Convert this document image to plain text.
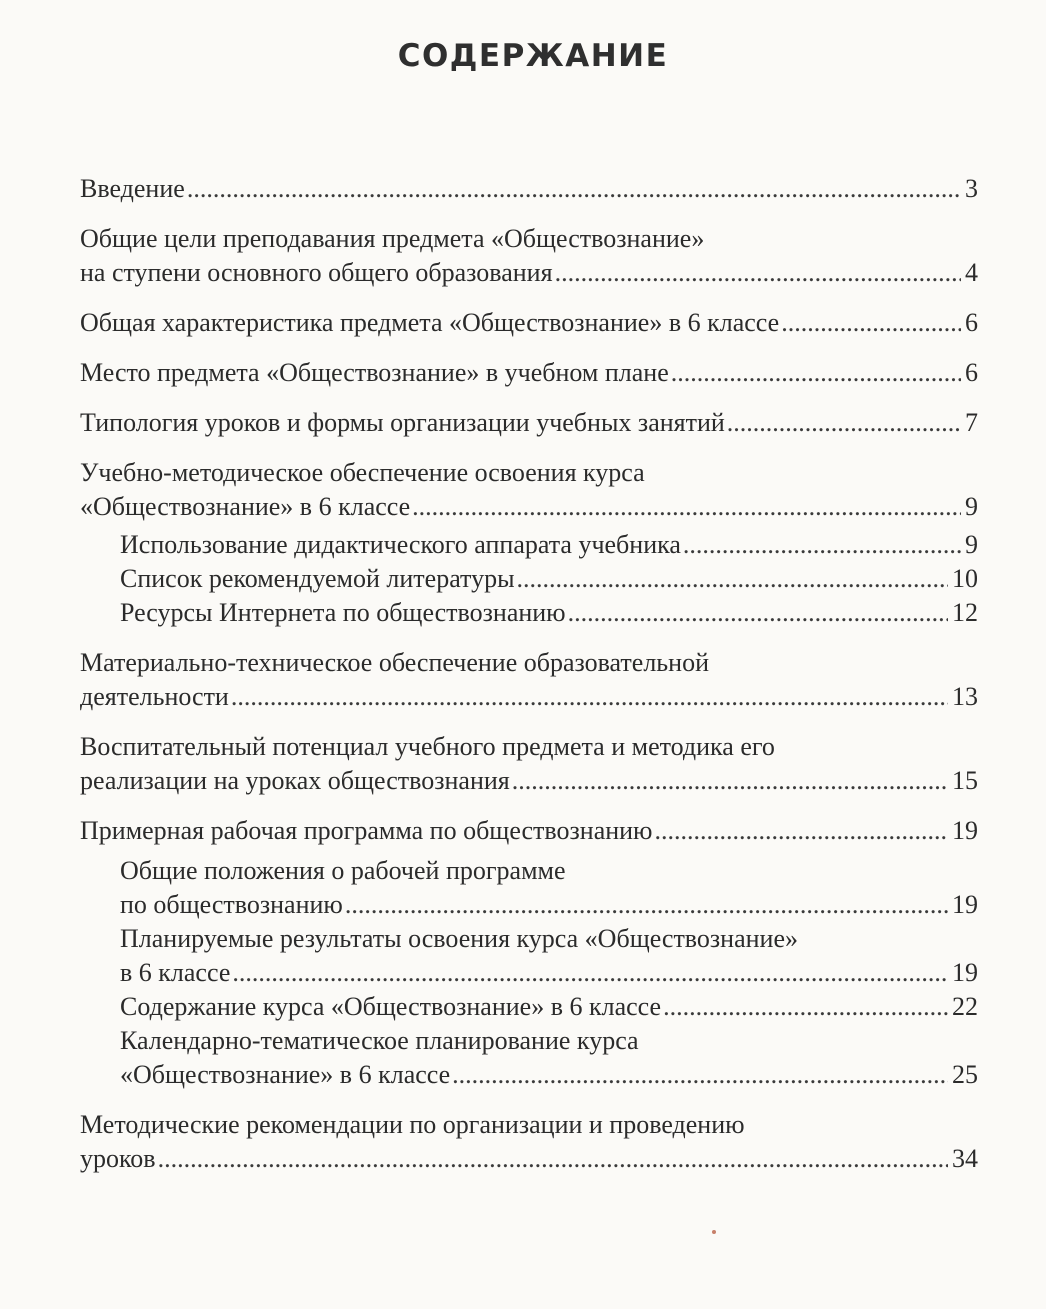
СОДЕРЖАНИЕ
Введение .....	3
Общие цели преподавания предмета «Обществознание»
на ступени основного общего образования .....	4
Общая характеристика предмета «Обществознание» в 6 классе .....	6
Место предмета «Обществознание» в учебном плане .....	6
Типология уроков и формы организации учебных занятий .....	7
Учебно-методическое обеспечение освоения курса
«Обществознание» в 6 классе .....	9
Использование дидактического аппарата учебника .....	9
Список рекомендуемой литературы .....	10
Ресурсы Интернета по обществознанию .....	12
Материально-техническое обеспечение образовательной
деятельности .....	13
Воспитательный потенциал учебного предмета и методика его
реализации на уроках обществознания .....	15
Примерная рабочая программа по обществознанию .....	19
Общие положения о рабочей программе
по обществознанию .....	19
Планируемые результаты освоения курса «Обществознание»
в 6 классе .....	19
Содержание курса «Обществознание» в 6 классе .....	22
Календарно-тематическое планирование курса
«Обществознание» в 6 классе .....	25
Методические рекомендации по организации и проведению
уроков .....	34
